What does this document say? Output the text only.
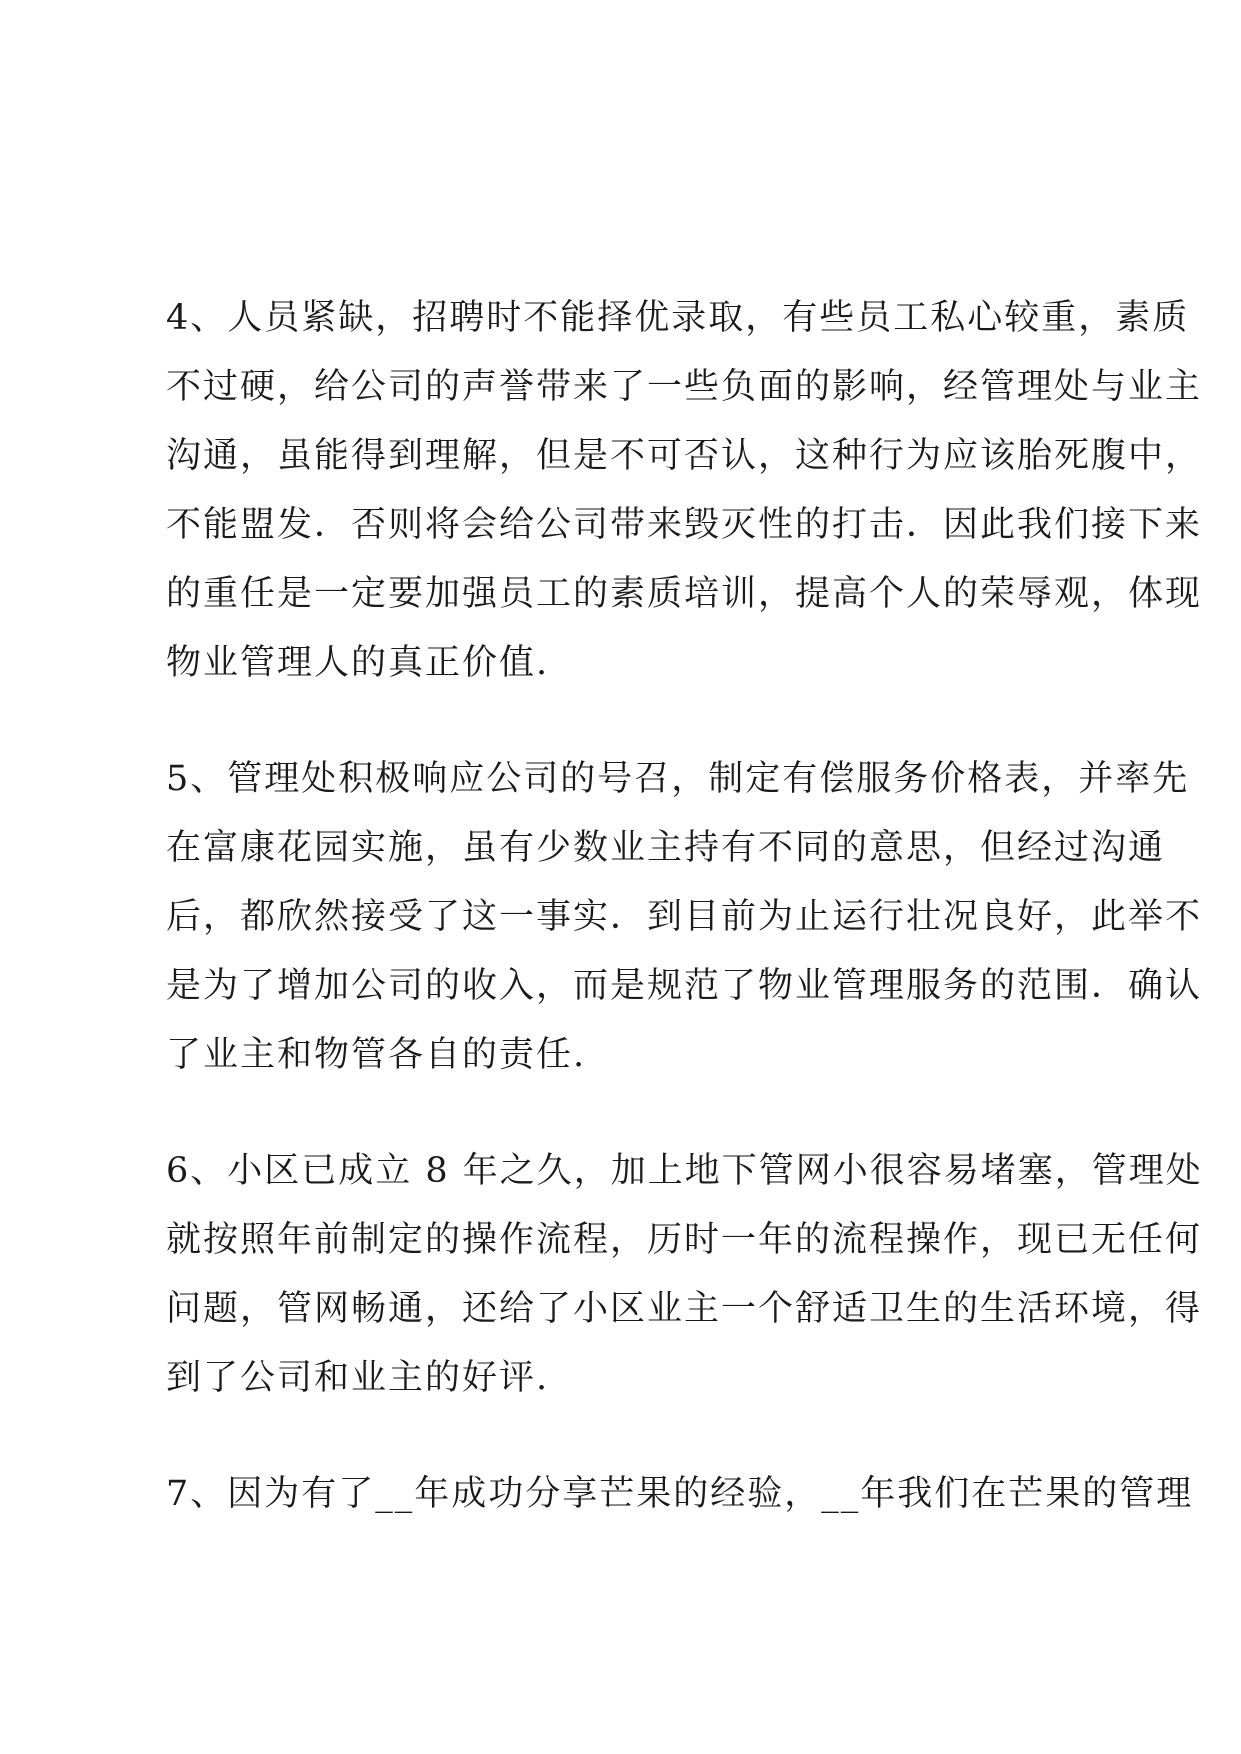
4、人员紧缺，招聘时不能择优录取，有些员工私心较重，素质
不过硬，给公司的声誉带来了一些负面的影响，经管理处与业主
沟通，虽能得到理解，但是不可否认，这种行为应该胎死腹中，
不能盟发．否则将会给公司带来毁灭性的打击．因此我们接下来
的重任是一定要加强员工的素质培训，提高个人的荣辱观，体现
物业管理人的真正价值.
5、管理处积极响应公司的号召，制定有偿服务价格表，并率先
在富康花园实施，虽有少数业主持有不同的意思，但经过沟通
后，都欣然接受了这一事实．到目前为止运行壮况良好，此举不
是为了增加公司的收入，而是规范了物业管理服务的范围．确认
了业主和物管各自的责任.
6、小区已成立 8 年之久，加上地下管网小很容易堵塞，管理处
就按照年前制定的操作流程，历时一年的流程操作，现已无任何
问题，管网畅通，还给了小区业主一个舒适卫生的生活环境，得
到了公司和业主的好评.
7、因为有了__年成功分享芒果的经验，__年我们在芒果的管理
